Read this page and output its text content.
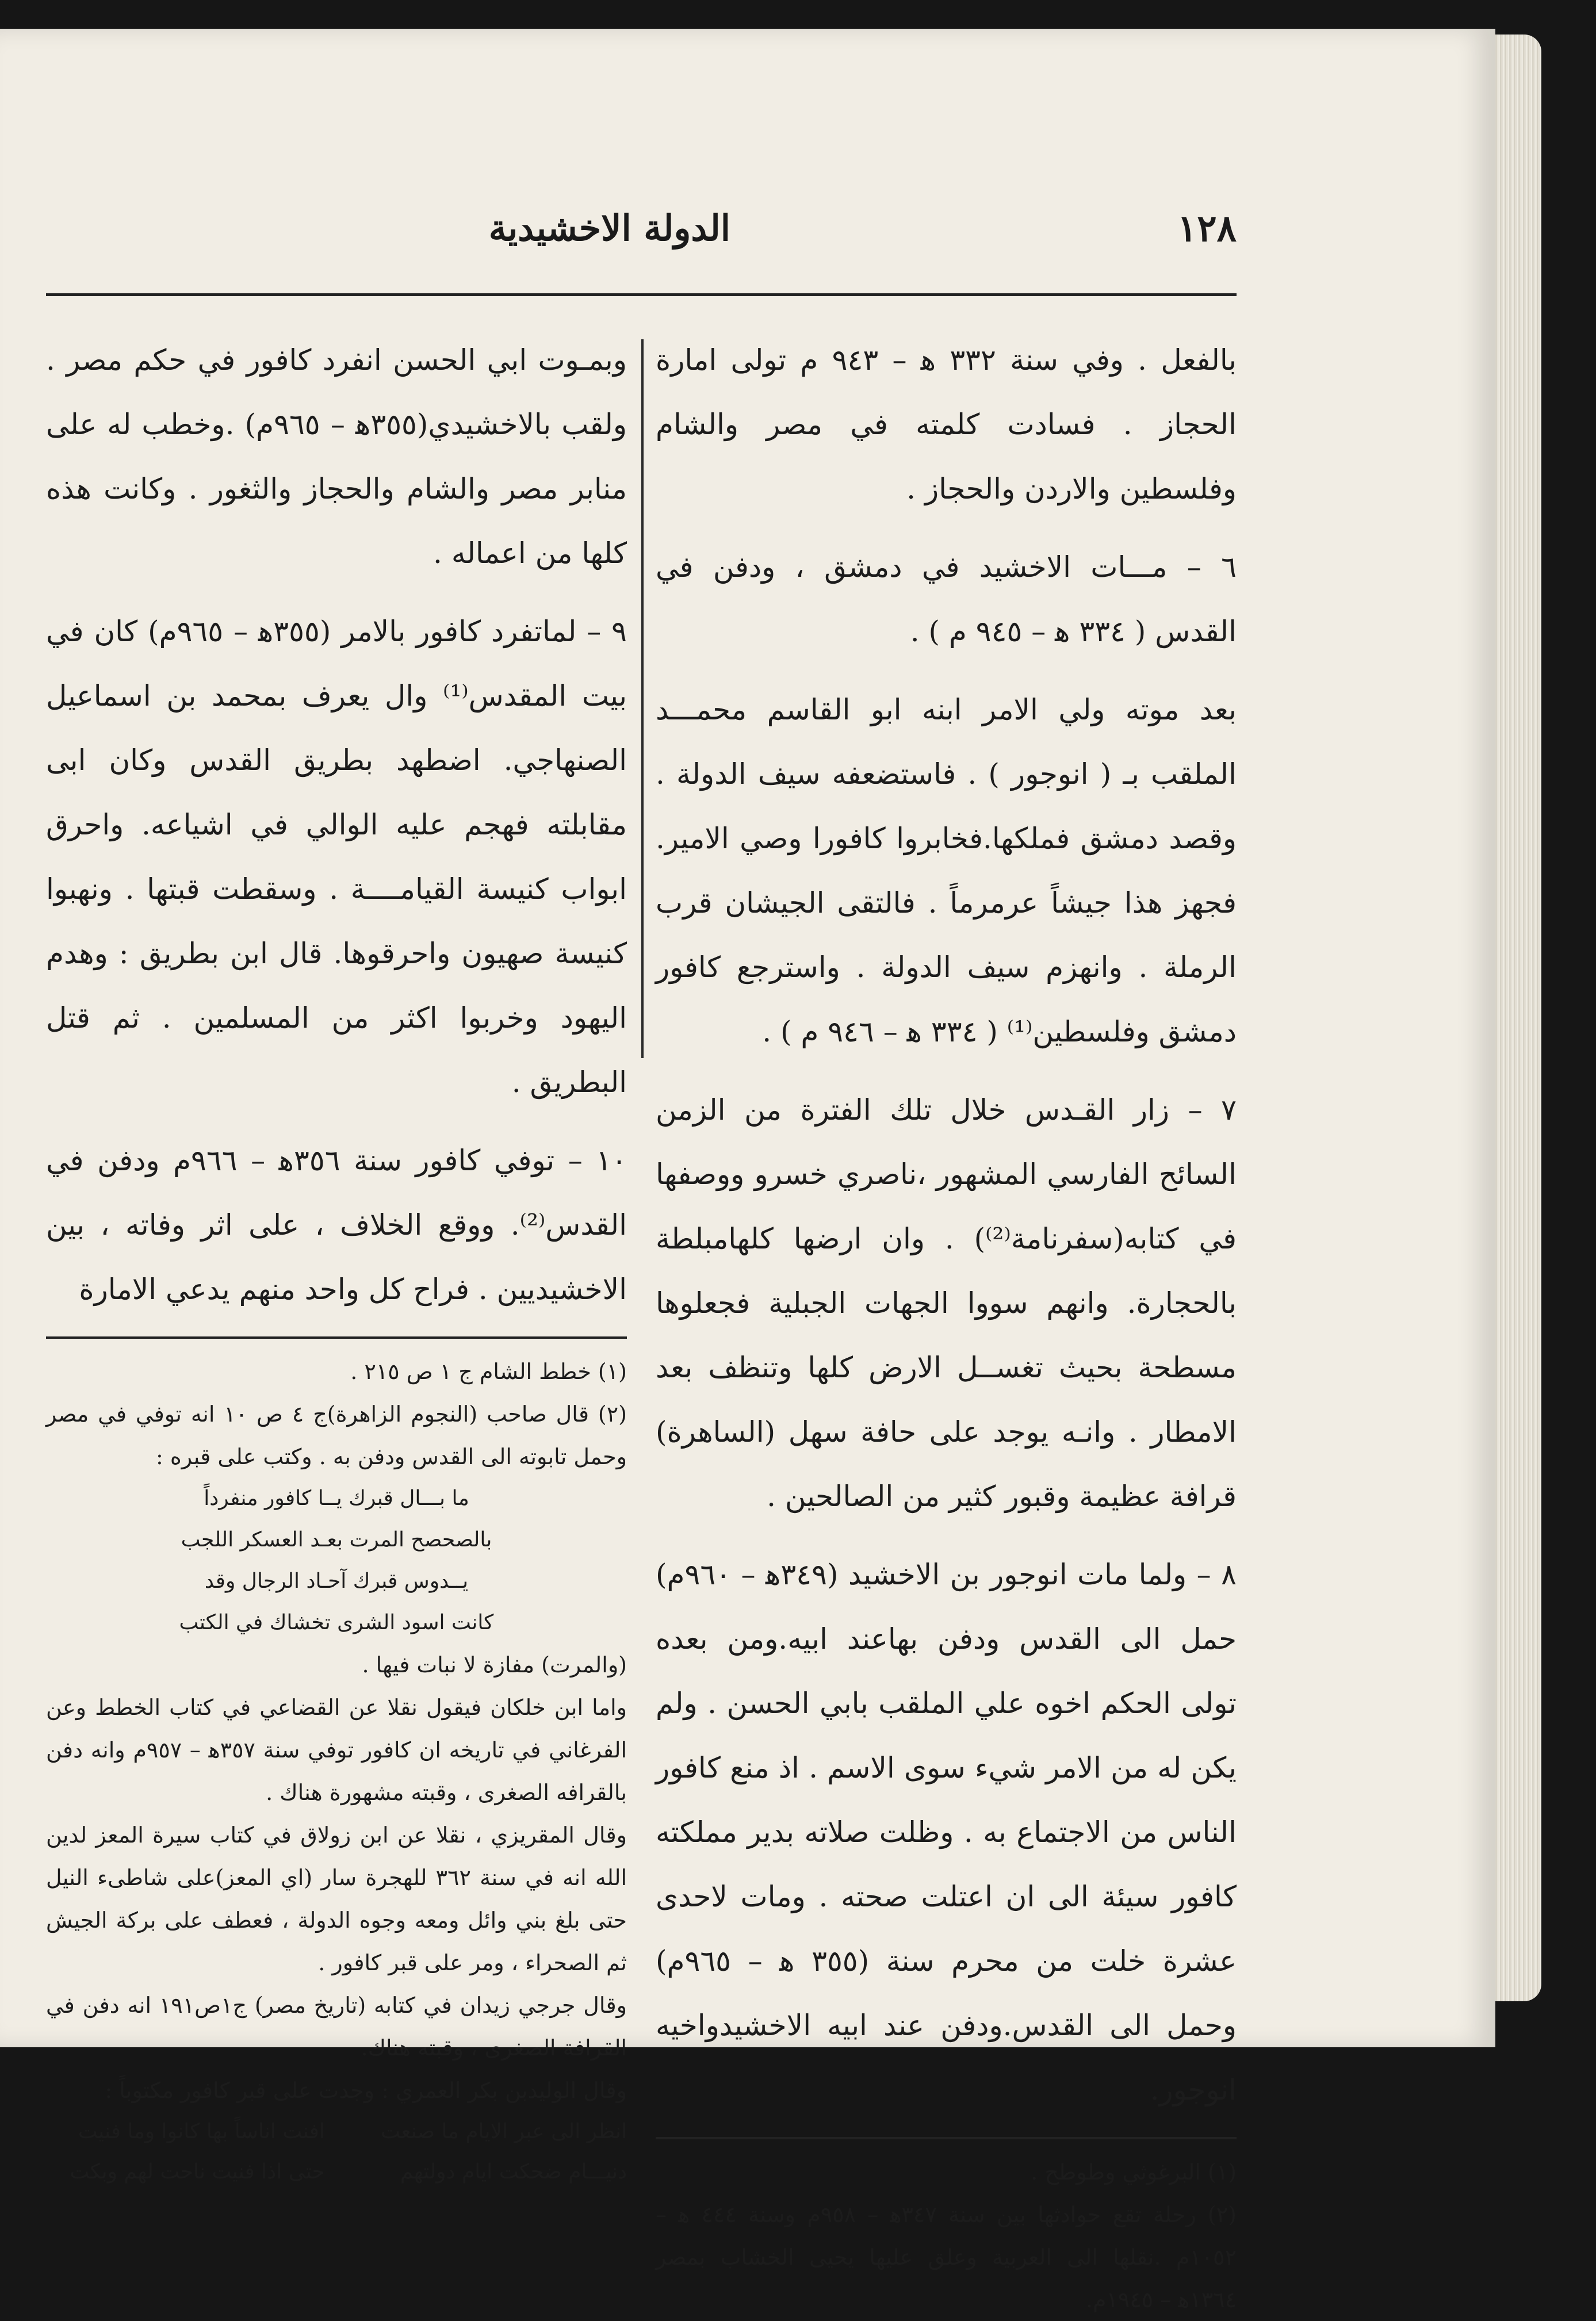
١٢٨
الدولة الاخشيدية

بالفعل . وفي سنة ٣٣٢ ﻫ – ٩٤٣ م تولى امارة الحجاز . فسادت كلمته في مصر والشام وفلسطين والاردن والحجاز .

٦ – مـــات الاخشيد في دمشق ، ودفن في القدس ( ٣٣٤ ﻫ – ٩٤٥ م ) .

بعد موته ولي الامر ابنه ابو القاسم محمـــد الملقب بـ ( انوجور ) . فاستضعفه سيف الدولة . وقصد دمشق فملكها.فخابروا كافورا وصي الامير. فجهز هذا جيشاً عرمرماً . فالتقى الجيشان قرب الرملة . وانهزم سيف الدولة . واسترجع كافور دمشق وفلسطين⁽¹⁾ ( ٣٣٤ ﻫ – ٩٤٦ م ) .

٧ – زار القـدس خلال تلك الفترة من الزمن السائح الفارسي المشهور ،ناصري خسرو ووصفها في كتابه(سفرنامة⁽²⁾) . وان ارضها كلهامبلطة بالحجارة. وانهم سووا الجهات الجبلية فجعلوها مسطحة بحيث تغســل الارض كلها وتنظف بعد الامطار . وانـه يوجد على حافة سهل (الساهرة) قرافة عظيمة وقبور كثير من الصالحين .

٨ – ولما مات انوجور بن الاخشيد (٣٤٩ﻫ – ٩٦٠م) حمل الى القدس ودفن بهاعند ابيه.ومن بعده تولى الحكم اخوه علي الملقب بابي الحسن . ولم يكن له من الامر شيء سوى الاسم . اذ منع كافور الناس من الاجتماع به . وظلت صلاته بدير مملكته كافور سيئة الى ان اعتلت صحته . ومات لاحدى عشرة خلت من محرم سنة (٣٥٥ ﻫ – ٩٦٥م) وحمل الى القدس.ودفن عند ابيه الاخشيدواخيه انوجور.

(١) البرغوثي وطوطح .

(٢) رحلة تقع حوادثها بين سنة ٣٤٧ﻫ – ٩٥٨م وسنة ٤٤٤ ﻫ – ١٠٥٢م .نقلها الى العربية وعلق عليها يحيى الخشاب بمصر ١٣٦٤ﻫ – ١٩٤٥م.

وبمـوت ابي الحسن انفرد كافور في حكم مصر . ولقب بالاخشيدي(٣٥٥ﻫ – ٩٦٥م) .وخطب له على منابر مصر والشام والحجاز والثغور . وكانت هذه كلها من اعماله .

٩ – لماتفرد كافور بالامر (٣٥٥ﻫ – ٩٦٥م) كان في بيت المقدس⁽¹⁾ وال يعرف بمحمد بن اسماعيل الصنهاجي. اضطهد بطريق القدس وكان ابى مقابلته فهجم عليه الوالي في اشياعه. واحرق ابواب كنيسة القيامــــة . وسقطت قبتها . ونهبوا كنيسة صهيون واحرقوها. قال ابن بطريق : وهدم اليهود وخربوا اكثر من المسلمين . ثم قتل البطريق .

١٠ – توفي كافور سنة ٣٥٦ﻫ – ٩٦٦م ودفن في القدس⁽²⁾. ووقع الخلاف ، على اثر وفاته ، بين الاخشيديين . فراح كل واحد منهم يدعي الامارة

(١) خطط الشام ج ١ ص ٢١٥ .

(٢) قال صاحب (النجوم الزاهرة)ج ٤ ص ١٠ انه توفي في مصر وحمل تابوته الى القدس ودفن به . وكتب على قبره :

ما بـــال قبرك يــا كافور منفرداً

بالصحصح المرت بعـد العسكر اللجب

يــدوس قبرك آحـاد الرجال وقد

كانت اسود الشرى تخشاك في الكتب

(والمرت) مفازة لا نبات فيها .

واما ابن خلكان فيقول نقلا عن القضاعي في كتاب الخطط وعن الفرغاني في تاريخه ان كافور توفي سنة ٣٥٧ﻫ – ٩٥٧م وانه دفن بالقرافه الصغرى ، وقبته مشهورة هناك .

وقال المقريزي ، نقلا عن ابن زولاق في كتاب سيرة المعز لدين الله انه في سنة ٣٦٢ للهجرة سار (اي المعز)على شاطىء النيل حتى بلغ بني وائل ومعه وجوه الدولة ، فعطف على بركة الجيش ثم الصحراء ، ومر على قبر كافور .

وقال جرجي زيدان في كتابه (تاريخ مصر) ج١ص١٩١ انه دفن في القرافة الصغرى ، وقبته هناك.

وقال الوليدبن بكر العمري : وجدت على قبر كافور مكتوباً :

انظر الى عبر الايام ما صنعت
افنت اناساً بها كانوا وما فنيت
دنيـــام ضحكت ايام دولتهم
حتى اذا فنيت ناحت لهم وبكت
